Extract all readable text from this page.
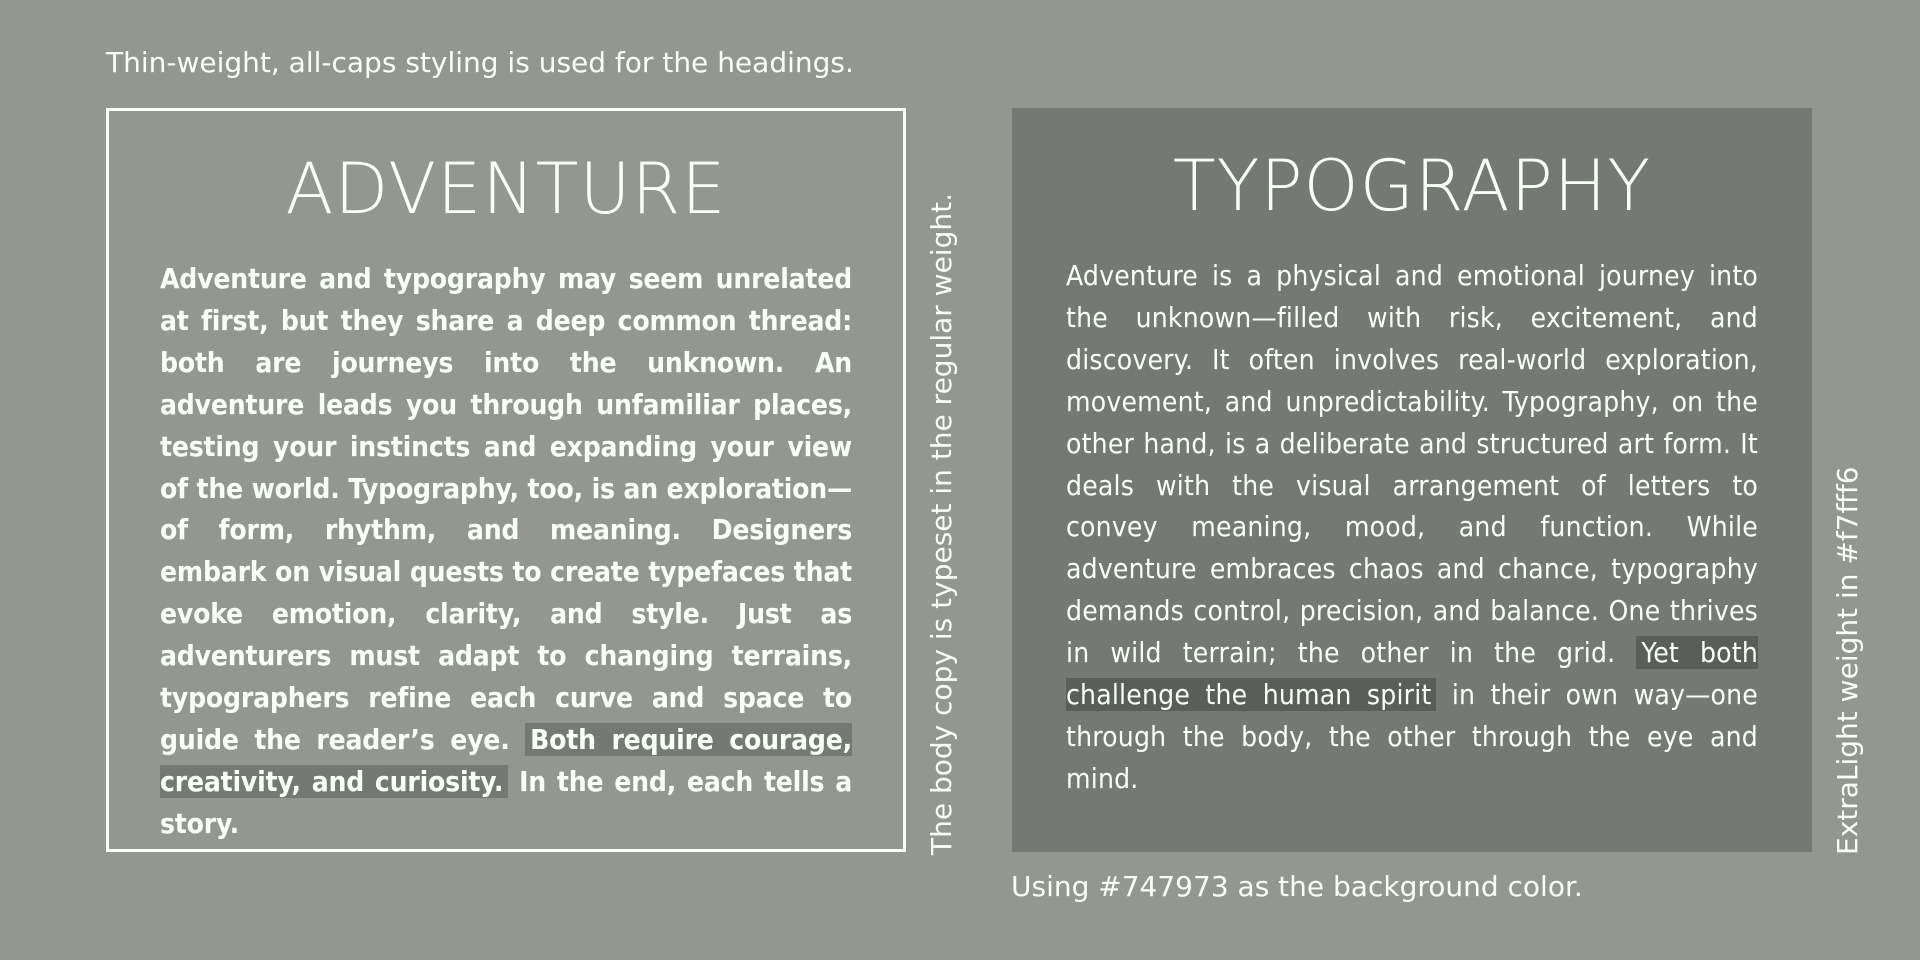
Thin-weight, all-caps styling is used for the headings.

ADVENTURE

Adventure and typography may seem unrelated at first, but they share a deep common thread: both are journeys into the unknown. An adventure leads you through unfamiliar places, testing your instincts and expanding your view of the world. Typography, too, is an exploration—of form, rhythm, and meaning. Designers embark on visual quests to create typefaces that evoke emotion, clarity, and style. Just as adventurers must adapt to changing terrains, typographers refine each curve and space to guide the reader’s eye. Both require courage, creativity, and curiosity. In the end, each tells a story.	The body copy is typeset in the regular weight.
TYPOGRAPHY

Adventure is a physical and emotional journey into the unknown—filled with risk, excitement, and discovery. It often involves real-world exploration, movement, and unpredictability. Typography, on the other hand, is a deliberate and structured art form. It deals with the visual arrangement of letters to convey meaning, mood, and function. While adventure embraces chaos and chance, typography demands control, precision, and balance. One thrives in wild terrain; the other in the grid. Yet both challenge the human spirit in their own way—one through the body, the other through the eye and mind.	ExtraLight weight in #f7fff6

Using #747973 as the background color.
